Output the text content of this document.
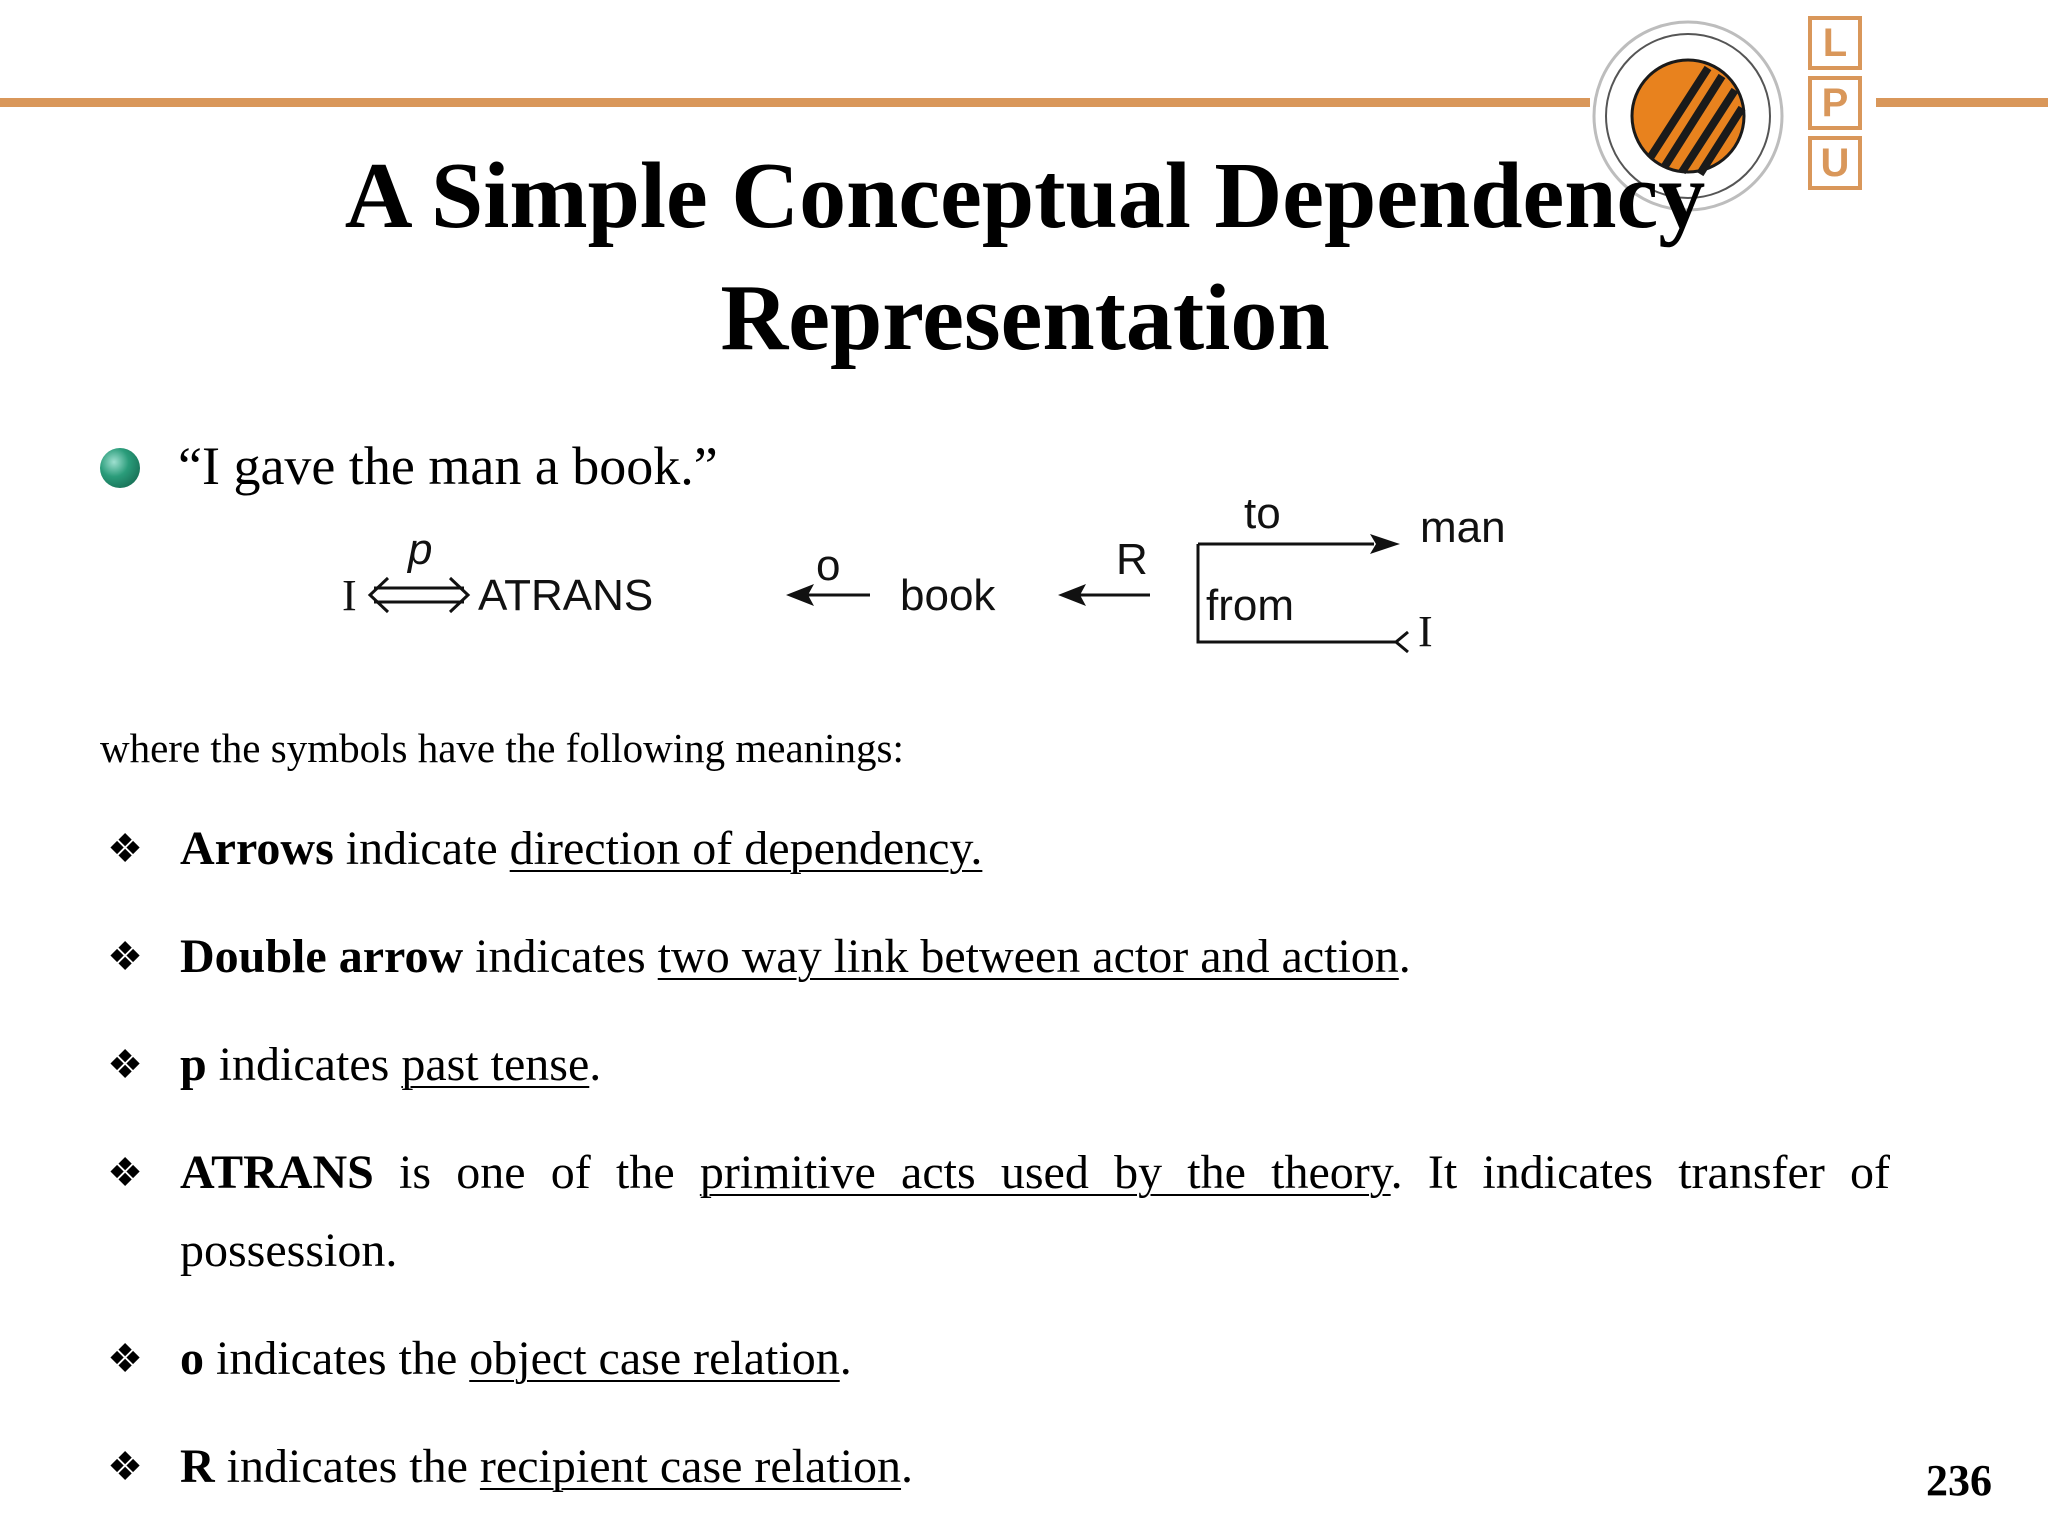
L
P
U
A Simple Conceptual Dependency
Representation
“I gave the man a book.”
I
p
ATRANS
o
book
R
to	man
from
I
where the symbols have the following meanings:
❖ Arrows indicate direction of dependency.
❖ Double arrow indicates two way link between actor and action.
❖ p indicates past tense.
❖ ATRANS is one of the primitive acts used by the theory. It indicates transfer of possession.
❖ o indicates the object case relation.
❖ R indicates the recipient case relation.	236
